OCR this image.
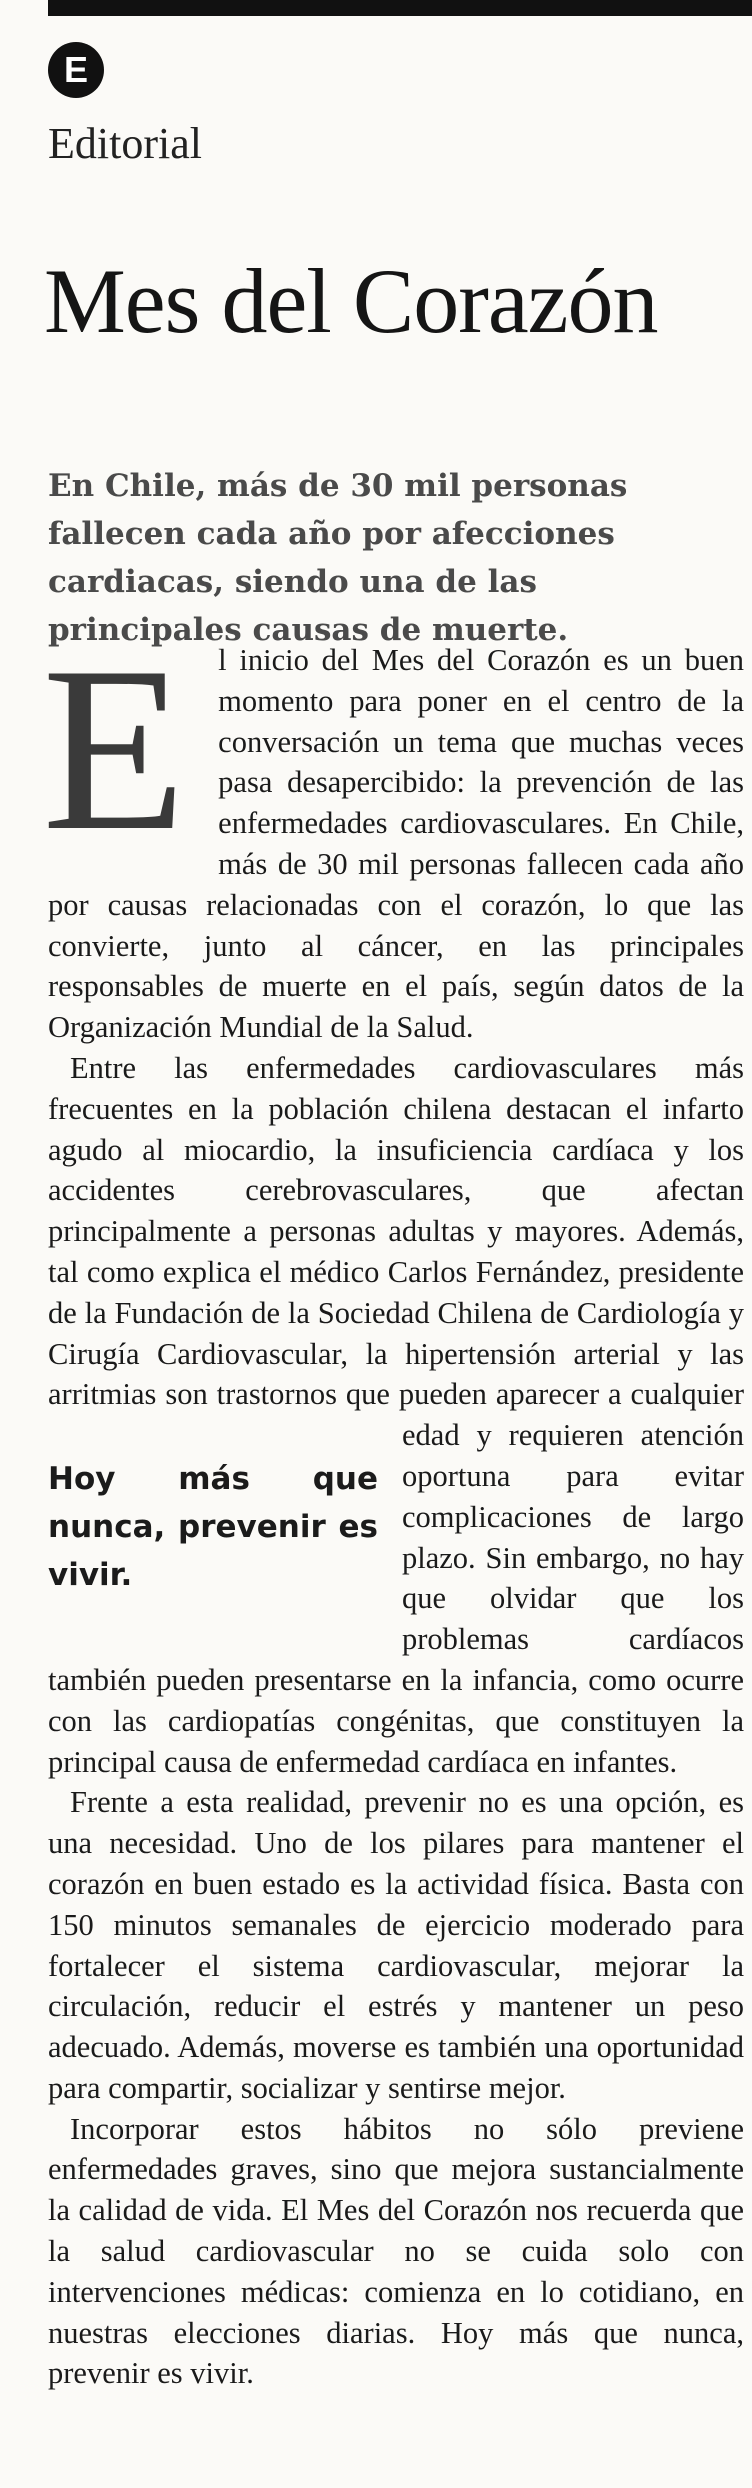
E
Editorial
Mes del Corazón

En Chile, más de 30 mil personas fallecen cada año por afecciones cardiacas, siendo una de las principales causas de muerte.

E l inicio del Mes del Corazón es un buen momento para poner en el centro de la conversación un tema que muchas veces pasa desapercibido: la prevención de las enfermedades cardiovasculares. En Chile, más de 30 mil personas fallecen cada año por causas relacionadas con el corazón, lo que las convierte, junto al cáncer, en las principales responsables de muerte en el país, según datos de la Organización Mundial de la Salud.

Entre las enfermedades cardiovasculares más frecuentes en la población chilena destacan el infarto agudo al miocardio, la insuficiencia cardíaca y los accidentes cerebrovasculares, que afectan principalmente a personas adultas y mayores. Además, tal como explica el médico Carlos Fernández, presidente de la Fundación de la Sociedad Chilena de Cardiología y Cirugía Cardiovascular, la hipertensión arterial y las arritmias son trastornos que pueden aparecer a
Hoy más que nunca, prevenir es vivir.
cualquier edad y requieren atención oportuna para evitar complicaciones de largo plazo. Sin embargo, no hay que olvidar que los problemas cardíacos también pueden presentarse en la infancia, como ocurre con las cardiopatías congénitas, que constituyen la principal causa de enfermedad cardíaca en infantes.

Frente a esta realidad, prevenir no es una opción, es una necesidad. Uno de los pilares para mantener el corazón en buen estado es la actividad física. Basta con 150 minutos semanales de ejercicio moderado para fortalecer el sistema cardiovascular, mejorar la circulación, reducir el estrés y mantener un peso adecuado. Además, moverse es también una oportunidad para compartir, socializar y sentirse mejor.

Incorporar estos hábitos no sólo previene enfermedades graves, sino que mejora sustancialmente la calidad de vida. El Mes del Corazón nos recuerda que la salud cardiovascular no se cuida solo con intervenciones médicas: comienza en lo cotidiano, en nuestras elecciones diarias. Hoy más que nunca, prevenir es vivir.
